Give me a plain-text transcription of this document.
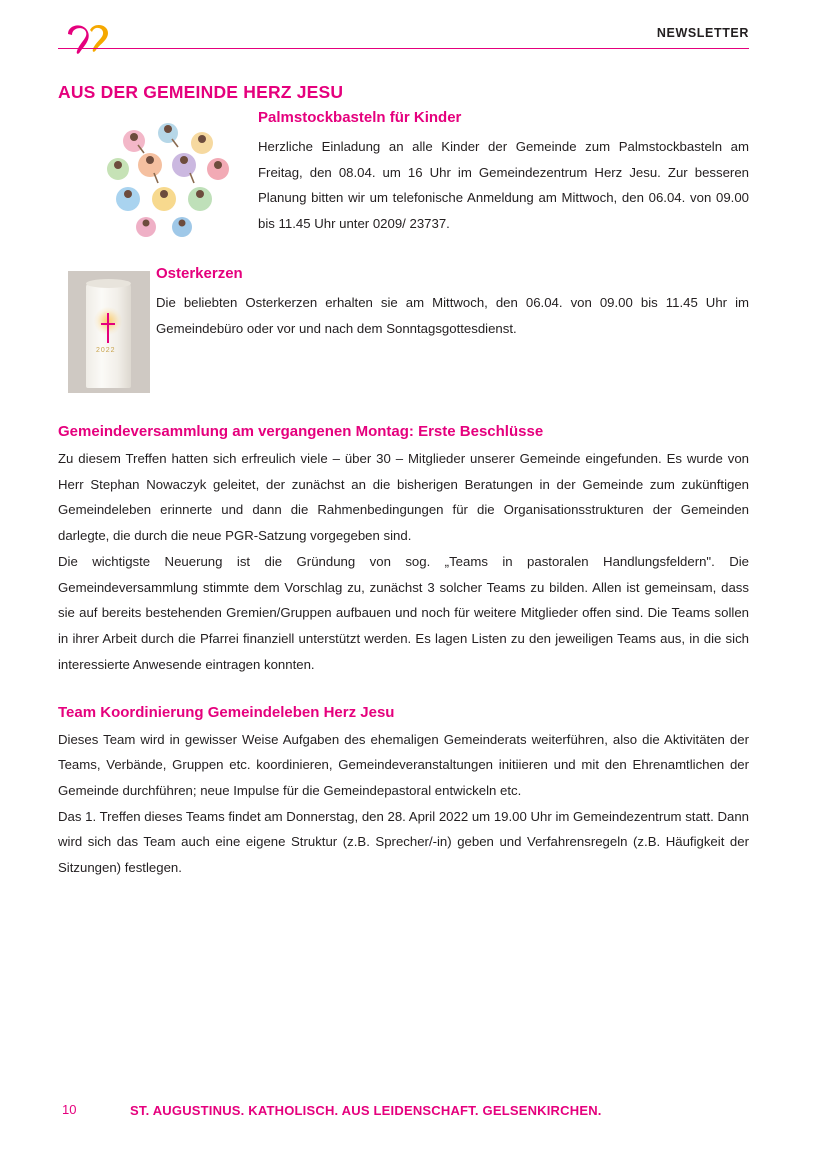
NEWSLETTER
AUS DER GEMEINDE HERZ JESU
Palmstockbasteln für Kinder

Herzliche Einladung an alle Kinder der Gemeinde zum Palmstockbasteln am Freitag, den 08.04. um 16 Uhr im Gemeindezentrum Herz Jesu. Zur besseren Planung bitten wir um telefonische Anmeldung am Mittwoch, den 06.04. von 09.00 bis 11.45 Uhr unter 0209/ 23737.

2022
Osterkerzen

Die beliebten Osterkerzen erhalten sie am Mittwoch, den 06.04. von 09.00 bis 11.45 Uhr im Gemeindebüro oder vor und nach dem Sonntagsgottesdienst.

Gemeindeversammlung am vergangenen Montag: Erste Beschlüsse

Zu diesem Treffen hatten sich erfreulich viele – über 30 – Mitglieder unserer Gemeinde eingefunden. Es wurde von Herr Stephan Nowaczyk geleitet, der zunächst an die bisherigen Beratungen in der Gemeinde zum zukünftigen Gemeindeleben erinnerte und dann die Rahmenbedingungen für die Organisationsstrukturen der Gemeinden darlegte, die durch die neue PGR-Satzung vorgegeben sind.

Die wichtigste Neuerung ist die Gründung von sog. „Teams in pastoralen Handlungsfeldern". Die Gemeindeversammlung stimmte dem Vorschlag zu, zunächst 3 solcher Teams zu bilden. Allen ist gemeinsam, dass sie auf bereits bestehenden Gremien/Gruppen aufbauen und noch für weitere Mitglieder offen sind. Die Teams sollen in ihrer Arbeit durch die Pfarrei finanziell unterstützt werden. Es lagen Listen zu den jeweiligen Teams aus, in die sich interessierte Anwesende eintragen konnten.

Team Koordinierung Gemeindeleben Herz Jesu

Dieses Team wird in gewisser Weise Aufgaben des ehemaligen Gemeinderats weiterführen, also die Aktivitäten der Teams, Verbände, Gruppen etc. koordinieren, Gemeindeveranstaltungen initiieren und mit den Ehrenamtlichen der Gemeinde durchführen; neue Impulse für die Gemeindepastoral entwickeln etc.

Das 1. Treffen dieses Teams findet am Donnerstag, den 28. April 2022 um 19.00 Uhr im Gemeindezentrum statt. Dann wird sich das Team auch eine eigene Struktur (z.B. Sprecher/-in) geben und Verfahrensregeln (z.B. Häufigkeit der Sitzungen) festlegen.

10	ST. AUGUSTINUS. KATHOLISCH. AUS LEIDENSCHAFT. GELSENKIRCHEN.
